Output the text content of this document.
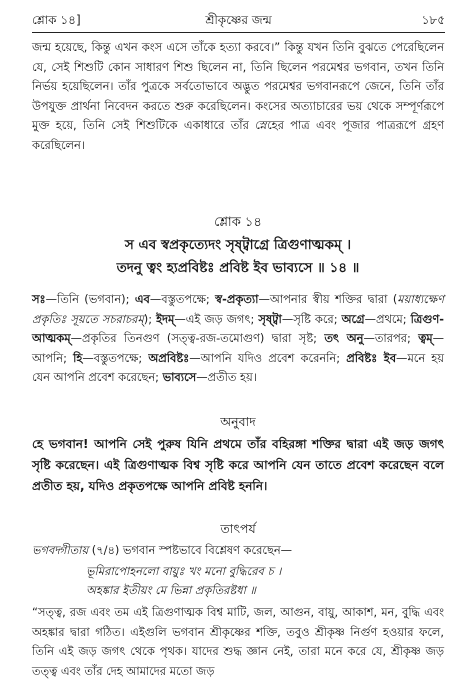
শ্লোক ১৪]	শ্রীকৃষ্ণের জন্ম	১৮৫
জন্ম হয়েছে, কিন্তু এখন কংস এসে তাঁকে হত্যা করবে।” কিন্তু যখন তিনি বুঝতে পেরেছিলেন যে, সেই শিশুটি কোন সাধারণ শিশু ছিলেন না, তিনি ছিলেন পরমেশ্বর ভগবান, তখন তিনি নির্ভয় হয়েছিলেন। তাঁর পুত্রকে সর্বতোভাবে অদ্ভুত পরমেশ্বর ভগবানরূপে জেনে, তিনি তাঁর উপযুক্ত প্রার্থনা নিবেদন করতে শুরু করেছিলেন। কংসের অত্যাচারের ভয় থেকে সম্পূর্ণরূপে মুক্ত হয়ে, তিনি সেই শিশুটিকে একাধারে তাঁর স্নেহের পাত্র এবং পূজার পাত্ররূপে গ্রহণ করেছিলেন।
শ্লোক ১৪
স এব স্বপ্রকৃত্যেদং সৃষ্ট্বাগ্রে ত্রিগুণাত্মকম্‌ ।
তদনু ত্বং হ্যপ্রবিষ্টঃ প্রবিষ্ট ইব ভাব্যসে ॥ ১৪ ॥
সঃ—তিনি (ভগবান); এব—বস্তুতপক্ষে; স্ব-প্রকৃত্যা—আপনার স্বীয় শক্তির দ্বারা (ময়াধ্যক্ষেণ প্রকৃতিঃ সূয়তে সচরাচরম্‌); ইদম্‌—এই জড় জগৎ; সৃষ্ট্বা—সৃষ্টি করে; অগ্রে—প্রথমে; ত্রিগুণ-আত্মকম্‌—প্রকৃতির তিনগুণ (সত্ত্ব-রজ-তমোগুণ) দ্বারা সৃষ্ট; তৎ অনু—তারপর; ত্বম্‌—আপনি; হি—বস্তুতপক্ষে; অপ্রবিষ্টঃ—আপনি যদিও প্রবেশ করেননি; প্রবিষ্টঃ ইব—মনে হয় যেন আপনি প্রবেশ করেছেন; ভাব্যসে—প্রতীত হয়।
অনুবাদ
হে ভগবান! আপনি সেই পুরুষ যিনি প্রথমে তাঁর বহিরঙ্গা শক্তির দ্বারা এই জড় জগৎ সৃষ্টি করেছেন। এই ত্রিগুণাত্মক বিশ্ব সৃষ্টি করে আপনি যেন তাতে প্রবেশ করেছেন বলে প্রতীত হয়, যদিও প্রকৃতপক্ষে আপনি প্রবিষ্ট হননি।
তাৎপর্য
ভগবদ্গীতায় (৭/৪) ভগবান স্পষ্টভাবে বিশ্লেষণ করেছেন—
ভূমিরাপোহনলো বায়ুঃ খং মনো বুদ্ধিরেব চ ।
অহঙ্কার ইতীয়ং মে ভিন্না প্রকৃতিরষ্টধা ॥
“সত্ত্ব, রজ এবং তম এই ত্রিগুণাত্মক বিশ্ব মাটি, জল, আগুন, বায়ু, আকাশ, মন, বুদ্ধি এবং অহঙ্কার দ্বারা গঠিত। এইগুলি ভগবান শ্রীকৃষ্ণের শক্তি, তবুও শ্রীকৃষ্ণ নির্গুণ হওয়ার ফলে, তিনি এই জড় জগৎ থেকে পৃথক। যাদের শুদ্ধ জ্ঞান নেই, তারা মনে করে যে, শ্রীকৃষ্ণ জড় তত্ত্ব এবং তাঁর দেহ আমাদের মতো জড়
